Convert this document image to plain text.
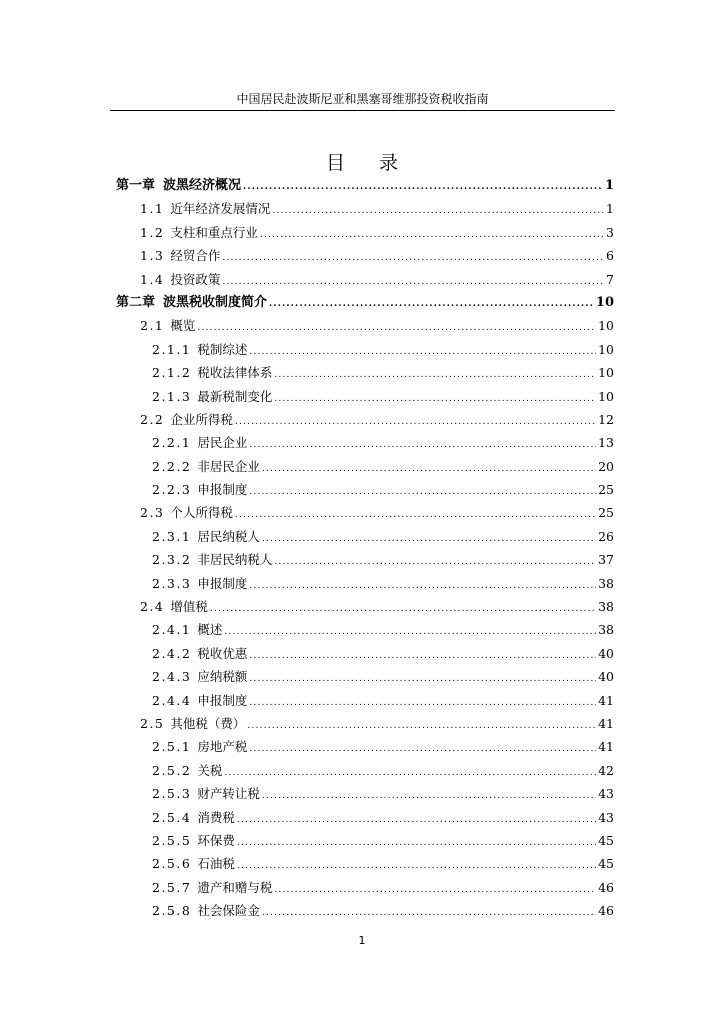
中国居民赴波斯尼亚和黑塞哥维那投资税收指南
目 录
第一章 波黑经济概况 .....	1
1.1 近年经济发展情况 .....	1
1.2 支柱和重点行业 .....	3
1.3 经贸合作 .....	6
1.4 投资政策 .....	7
第二章 波黑税收制度简介 .....	10
2.1 概览 .....	10
2.1.1 税制综述 .....	10
2.1.2 税收法律体系 .....	10
2.1.3 最新税制变化 .....	10
2.2 企业所得税 .....	12
2.2.1 居民企业 .....	13
2.2.2 非居民企业 .....	20
2.2.3 申报制度 .....	25
2.3 个人所得税 .....	25
2.3.1 居民纳税人 .....	26
2.3.2 非居民纳税人 .....	37
2.3.3 申报制度 .....	38
2.4 增值税 .....	38
2.4.1 概述 .....	38
2.4.2 税收优惠 .....	40
2.4.3 应纳税额 .....	40
2.4.4 申报制度 .....	41
2.5 其他税（费） .....	41
2.5.1 房地产税 .....	41
2.5.2 关税 .....	42
2.5.3 财产转让税 .....	43
2.5.4 消费税 .....	43
2.5.5 环保费 .....	45
2.5.6 石油税 .....	45
2.5.7 遗产和赠与税 .....	46
2.5.8 社会保险金 .....	46
1
